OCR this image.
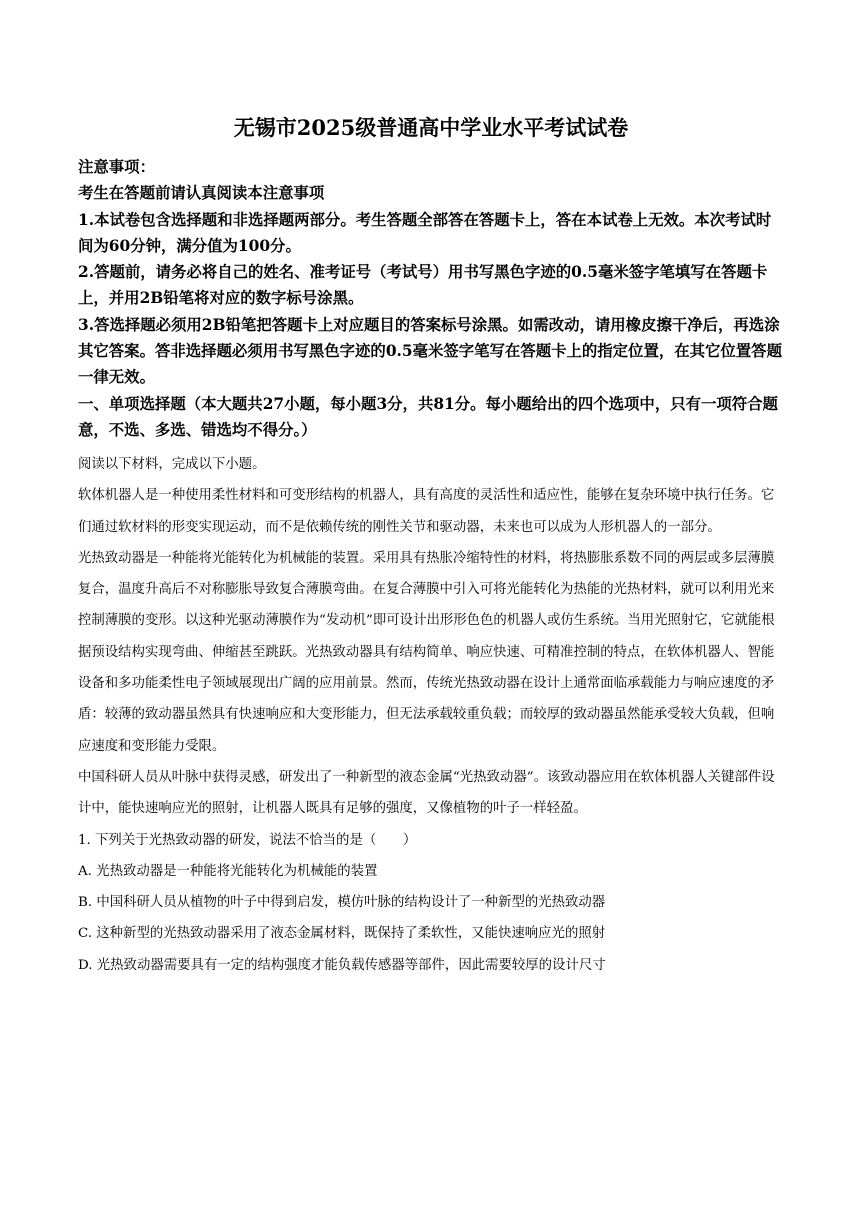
无锡市2025级普通高中学业水平考试试卷

注意事项：

考生在答题前请认真阅读本注意事项

1.本试卷包含选择题和非选择题两部分。考生答题全部答在答题卡上，答在本试卷上无效。本次考试时间为60分钟，满分值为100分。

2.答题前，请务必将自己的姓名、准考证号（考试号）用书写黑色字迹的0.5毫米签字笔填写在答题卡上，并用2B铅笔将对应的数字标号涂黑。

3.答选择题必须用2B铅笔把答题卡上对应题目的答案标号涂黑。如需改动，请用橡皮擦干净后，再选涂其它答案。答非选择题必须用书写黑色字迹的0.5毫米签字笔写在答题卡上的指定位置，在其它位置答题一律无效。

一、单项选择题（本大题共27小题，每小题3分，共81分。每小题给出的四个选项中，只有一项符合题意，不选、多选、错选均不得分。）

阅读以下材料，完成以下小题。

软体机器人是一种使用柔性材料和可变形结构的机器人，具有高度的灵活性和适应性，能够在复杂环境中执行任务。它们通过软材料的形变实现运动，而不是依赖传统的刚性关节和驱动器，未来也可以成为人形机器人的一部分。

光热致动器是一种能将光能转化为机械能的装置。采用具有热胀冷缩特性的材料，将热膨胀系数不同的两层或多层薄膜复合，温度升高后不对称膨胀导致复合薄膜弯曲。在复合薄膜中引入可将光能转化为热能的光热材料，就可以利用光来控制薄膜的变形。以这种光驱动薄膜作为“发动机”即可设计出形形色色的机器人或仿生系统。当用光照射它，它就能根据预设结构实现弯曲、伸缩甚至跳跃。光热致动器具有结构简单、响应快速、可精准控制的特点，在软体机器人、智能设备和多功能柔性电子领域展现出广阔的应用前景。然而，传统光热致动器在设计上通常面临承载能力与响应速度的矛盾：较薄的致动器虽然具有快速响应和大变形能力，但无法承载较重负载；而较厚的致动器虽然能承受较大负载，但响应速度和变形能力受限。

中国科研人员从叶脉中获得灵感，研发出了一种新型的液态金属“光热致动器”。该致动器应用在软体机器人关键部件设计中，能快速响应光的照射，让机器人既具有足够的强度，又像植物的叶子一样轻盈。

1. 下列关于光热致动器的研发，说法不恰当的是（　　）

A. 光热致动器是一种能将光能转化为机械能的装置

B. 中国科研人员从植物的叶子中得到启发，模仿叶脉的结构设计了一种新型的光热致动器

C. 这种新型的光热致动器采用了液态金属材料，既保持了柔软性，又能快速响应光的照射

D. 光热致动器需要具有一定的结构强度才能负载传感器等部件，因此需要较厚的设计尺寸
